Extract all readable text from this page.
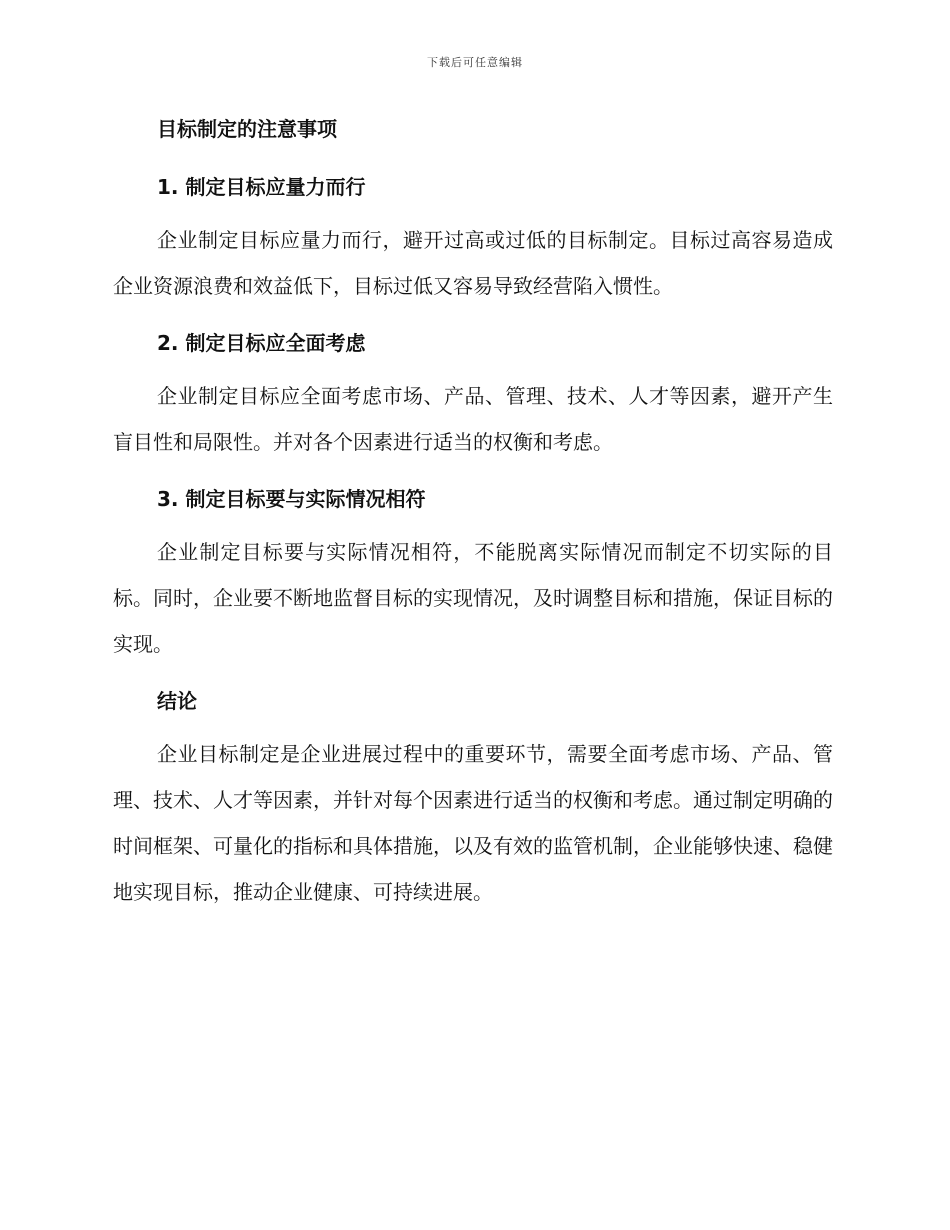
下载后可任意编辑

目标制定的注意事项

1. 制定目标应量力而行

企业制定目标应量力而行，避开过高或过低的目标制定。目标过高容易造成企业资源浪费和效益低下，目标过低又容易导致经营陷入惯性。

2. 制定目标应全面考虑

企业制定目标应全面考虑市场、产品、管理、技术、人才等因素，避开产生盲目性和局限性。并对各个因素进行适当的权衡和考虑。

3. 制定目标要与实际情况相符

企业制定目标要与实际情况相符，不能脱离实际情况而制定不切实际的目标。同时，企业要不断地监督目标的实现情况，及时调整目标和措施，保证目标的实现。

结论

企业目标制定是企业进展过程中的重要环节，需要全面考虑市场、产品、管理、技术、人才等因素，并针对每个因素进行适当的权衡和考虑。通过制定明确的时间框架、可量化的指标和具体措施，以及有效的监管机制，企业能够快速、稳健地实现目标，推动企业健康、可持续进展。
